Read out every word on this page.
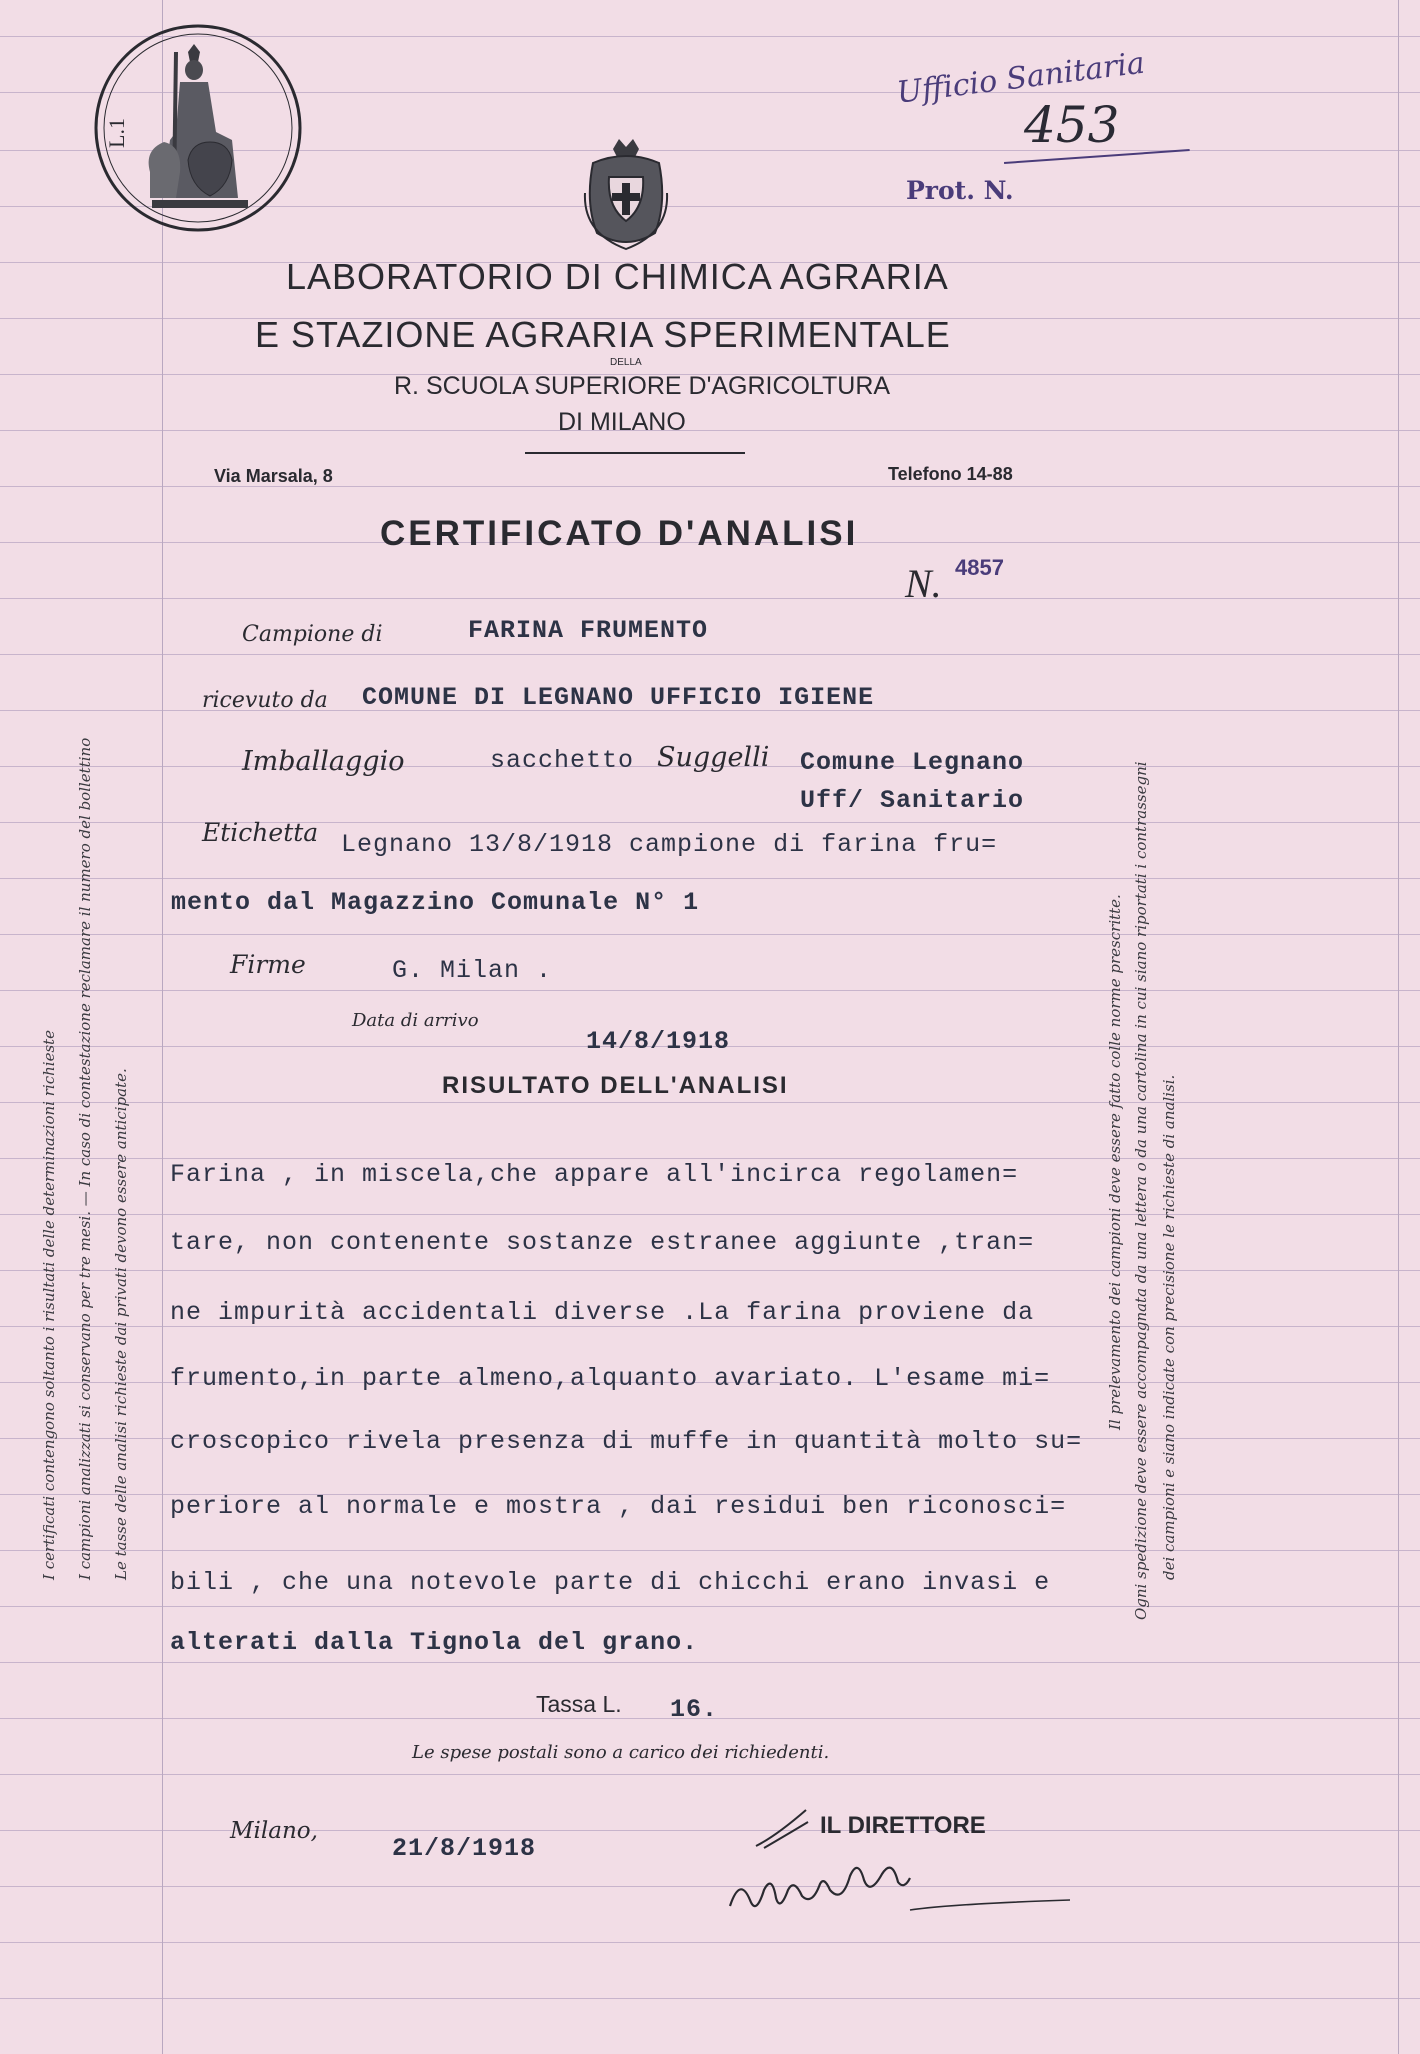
L.1
Ufficio Sanitaria
Prot. N.
453
LABORATORIO DI CHIMICA AGRARIA
E STAZIONE AGRARIA SPERIMENTALE
DELLA
R. SCUOLA SUPERIORE D'AGRICOLTURA
DI MILANO
Via Marsala, 8	Telefono 14-88
CERTIFICATO D'ANALISI
N. 4857
Campione di	FARINA FRUMENTO
ricevuto da COMUNE DI LEGNANO UFFICIO IGIENE
Imballaggio	sacchetto Suggelli Comune Legnano
Uff/ Sanitario
Etichetta Legnano 13/8/1918 campione di farina fru=
mento dal Magazzino Comunale N° 1
Firme	G. Milan .
Data di arrivo
14/8/1918
RISULTATO DELL'ANALISI
Farina , in miscela,che appare all'incirca regolamen=
tare, non contenente sostanze estranee aggiunte ,tran=
ne impurità accidentali diverse .La farina proviene da
frumento,in parte almeno,alquanto avariato. L'esame mi=
croscopico rivela presenza di muffe in quantità molto su=
periore al normale e mostra , dai residui ben riconosci=
bili , che una notevole parte di chicchi erano invasi e
alterati dalla Tignola del grano.
Tassa L. 16.
Le spese postali sono a carico dei richiedenti.
Milano,
21/8/1918
IL DIRETTORE
I certificati contengono soltanto i risultati delle determinazioni richieste I campioni analizzati si conservano per tre mesi. — In caso di contestazione reclamare il numero del bollettino Le tasse delle analisi richieste dai privati devono essere anticipate.	Il prelevamento dei campioni deve essere fatto colle norme prescritte. Ogni spedizione deve essere accompagnata da una lettera o da una cartolina in cui siano riportati i contrassegni dei campioni e siano indicate con precisione le richieste di analisi.
